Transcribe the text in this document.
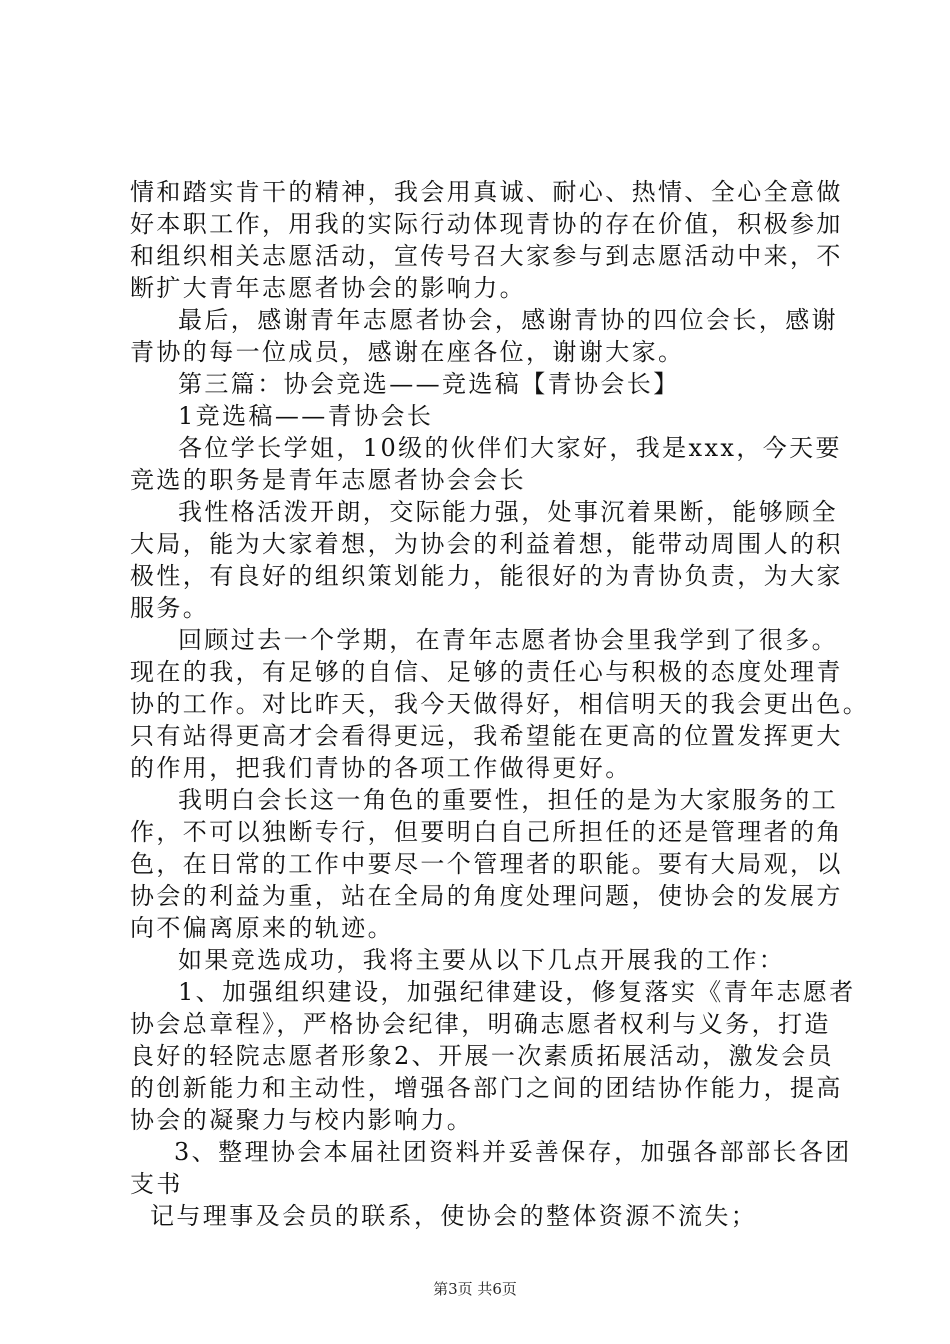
情和踏实肯干的精神，我会用真诚、耐心、热情、全心全意做
好本职工作，用我的实际行动体现青协的存在价值，积极参加
和组织相关志愿活动，宣传号召大家参与到志愿活动中来，不
断扩大青年志愿者协会的影响力。
最后，感谢青年志愿者协会，感谢青协的四位会长，感谢
青协的每一位成员，感谢在座各位，谢谢大家。
第三篇：协会竞选——竞选稿【青协会长】
1竞选稿——青协会长
各位学长学姐，10级的伙伴们大家好，我是xxx，今天要
竞选的职务是青年志愿者协会会长
我性格活泼开朗，交际能力强，处事沉着果断，能够顾全
大局，能为大家着想，为协会的利益着想，能带动周围人的积
极性，有良好的组织策划能力，能很好的为青协负责，为大家
服务。
回顾过去一个学期，在青年志愿者协会里我学到了很多。
现在的我，有足够的自信、足够的责任心与积极的态度处理青
协的工作。对比昨天，我今天做得好，相信明天的我会更出色。
只有站得更高才会看得更远，我希望能在更高的位置发挥更大
的作用，把我们青协的各项工作做得更好。
我明白会长这一角色的重要性，担任的是为大家服务的工
作，不可以独断专行，但要明白自己所担任的还是管理者的角
色，在日常的工作中要尽一个管理者的职能。要有大局观，以
协会的利益为重，站在全局的角度处理问题，使协会的发展方
向不偏离原来的轨迹。
如果竞选成功，我将主要从以下几点开展我的工作：
1、加强组织建设，加强纪律建设，修复落实《青年志愿者
协会总章程》，严格协会纪律，明确志愿者权利与义务，打造
良好的轻院志愿者形象2、开展一次素质拓展活动，激发会员
的创新能力和主动性，增强各部门之间的团结协作能力，提高
协会的凝聚力与校内影响力。
3、整理协会本届社团资料并妥善保存，加强各部部长各团
支书
记与理事及会员的联系，使协会的整体资源不流失；
第3页 共6页
